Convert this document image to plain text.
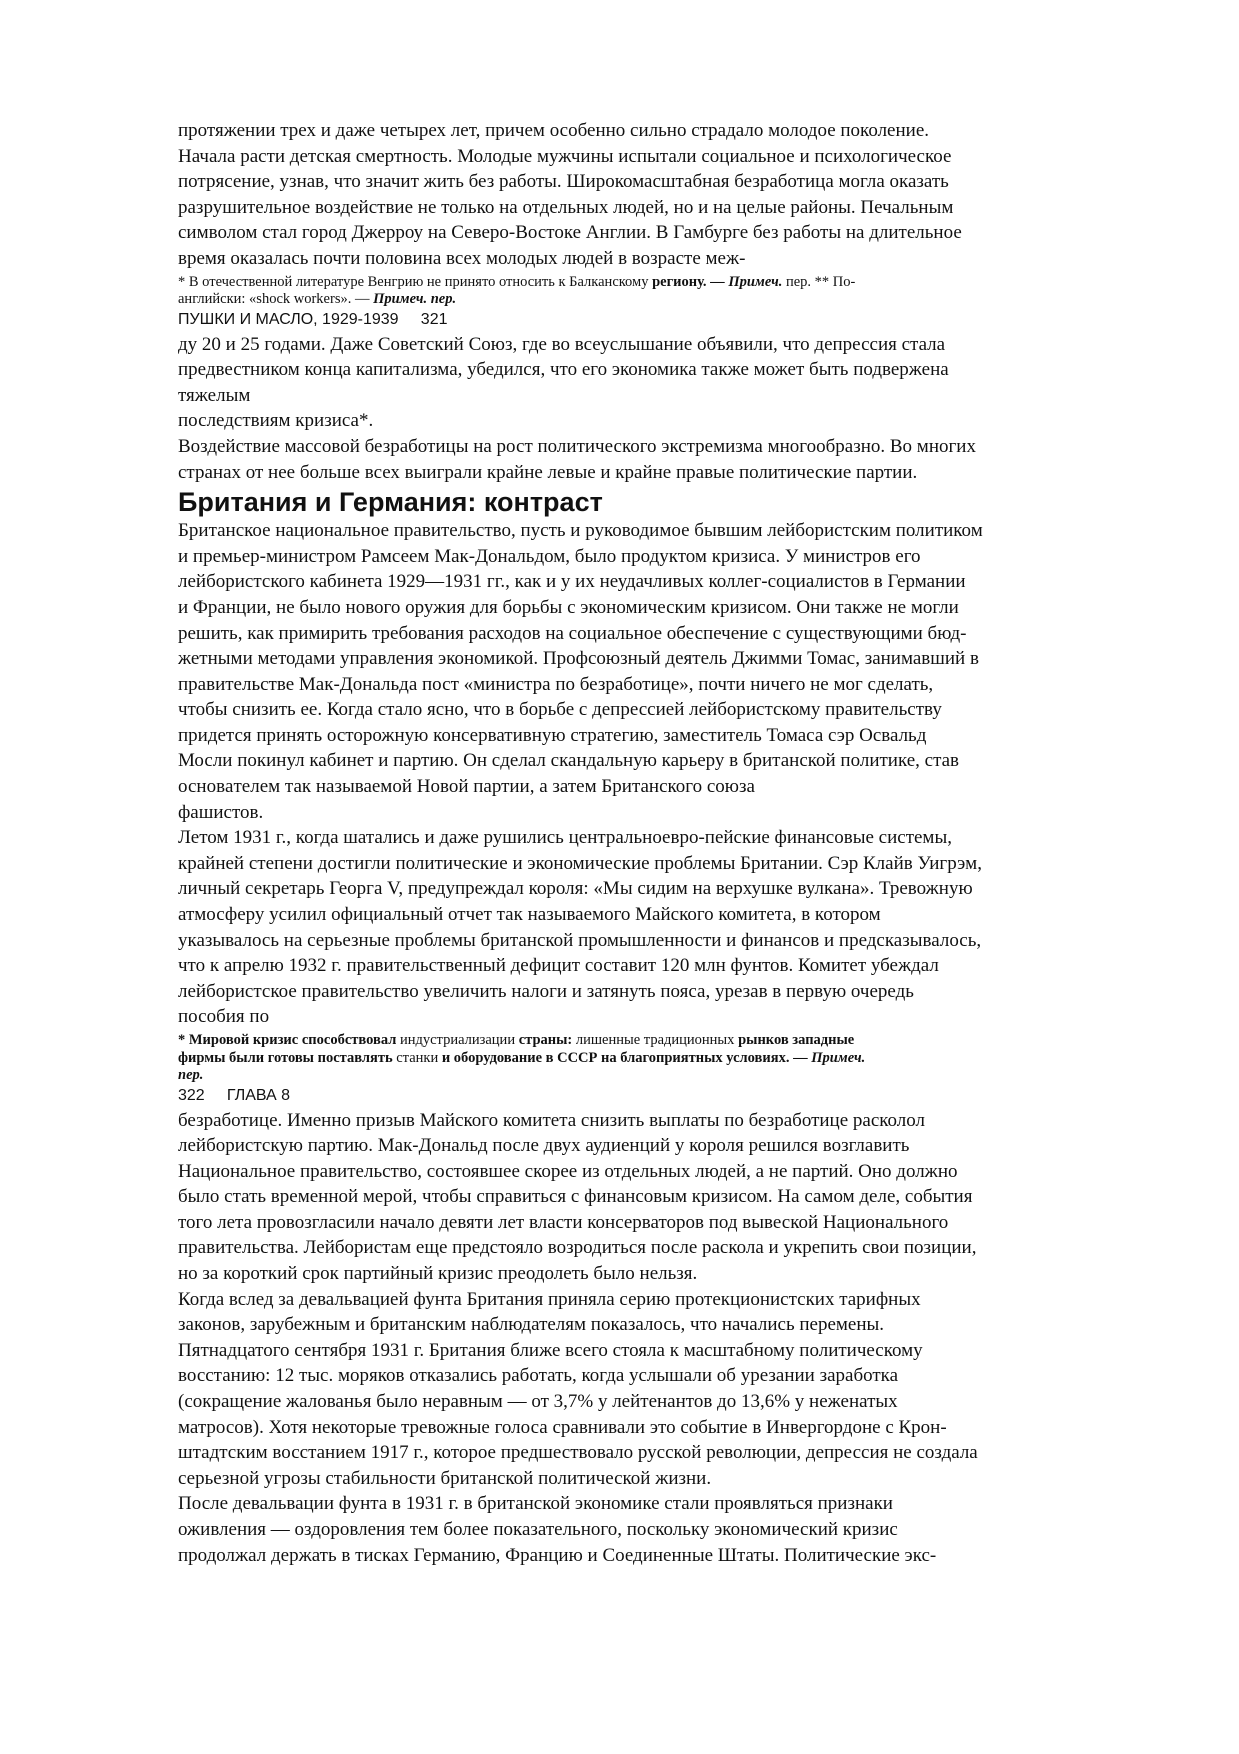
протяжении трех и даже четырех лет, причем особенно сильно страдало молодое поколение.
Начала расти детская смертность. Молодые мужчины испытали социальное и психологическое
потрясение, узнав, что значит жить без работы. Широкомасштабная безработица могла оказать
разрушительное воздействие не только на отдельных людей, но и на целые районы. Печальным
символом стал город Джерроу на Северо-Востоке Англии. В Гамбурге без работы на длительное
время оказалась почти половина всех молодых людей в возрасте меж-

* В отечественной литературе Венгрию не принято относить к Балканскому региону. — Примеч. пер. ** По-
английски: «shock workers». — Примеч. пер.
ПУШКИ И МАСЛО, 1929-1939     321

ду 20 и 25 годами. Даже Советский Союз, где во всеуслышание объявили, что депрессия стала
предвестником конца капитализма, убедился, что его экономика также может быть подвержена
тяжелым
последствиям кризиса*.

Воздействие массовой безработицы на рост политического экстремизма многообразно. Во многих
странах от нее больше всех выиграли крайне левые и крайне правые политические партии.

Британия и Германия: контраст

Британское национальное правительство, пусть и руководимое бывшим лейбористским политиком
и премьер-министром Рамсеем Мак-Дональдом, было продуктом кризиса. У министров его
лейбористского кабинета 1929—1931 гг., как и у их неудачливых коллег-социалистов в Германии
и Франции, не было нового оружия для борьбы с экономическим кризисом. Они также не могли
решить, как примирить требования расходов на социальное обеспечение с существующими бюд-
жетными методами управления экономикой. Профсоюзный деятель Джимми Томас, занимавший в
правительстве Мак-Дональда пост «министра по безработице», почти ничего не мог сделать,
чтобы снизить ее. Когда стало ясно, что в борьбе с депрессией лейбористскому правительству
придется принять осторожную консервативную стратегию, заместитель Томаса сэр Освальд
Мосли покинул кабинет и партию. Он сделал скандальную карьеру в британской политике, став
основaтелем так называемой Новой партии, а затем Британского союза
фашистов.

Летом 1931 г., когда шатались и даже рушились центральноевро-пейские финансовые системы,
крайней степени достигли политические и экономические проблемы Британии. Сэр Клайв Уигрэм,
личный секретарь Георга V, предупреждал короля: «Мы сидим на верхушке вулкана». Тревожную
атмосферу усилил официальный отчет так называемого Майского комитета, в котором
указывалось на серьезные проблемы британской промышленности и финансов и предсказывалось,
что к апрелю 1932 г. правительственный дефицит составит 120 млн фунтов. Комитет убеждал
лейбористское правительство увеличить налоги и затянуть пояса, урезав в первую очередь
пособия по

* Мировой кризис способствовал индустриализации страны: лишенные традиционных рынков западные
фирмы были готовы поставлять станки и оборудование в СССР на благоприятных условиях. — Примеч.
пер.
322     ГЛАВА 8

безработице. Именно призыв Майского комитета снизить выплаты по безработице расколол
лейбористскую партию. Мак-Дональд после двух аудиенций у короля решился возглавить
Национальное правительство, состоявшее скорее из отдельных людей, а не партий. Оно должно
было стать временной мерой, чтобы справиться с финансовым кризисом. На самом деле, события
того лета провозгласили начало девяти лет власти консерваторов под вывеской Национального
правительства. Лейбористам еще предстояло возродиться после раскола и укрепить свои позиции,
но за короткий срок партийный кризис преодолеть было нельзя.

Когда вслед за девальвацией фунта Британия приняла серию протекционистских тарифных
законов, зарубежным и британским наблюдателям показалось, что начались перемены.
Пятнадцатого сентября 1931 г. Британия ближе всего стояла к масштабному политическому
восстанию: 12 тыс. моряков отказались работать, когда услышали об урезании заработка
(сокращение жалованья было неравным — от 3,7% у лейтенантов до 13,6% у неженатых
матросов). Хотя некоторые тревожные голоса сравнивали это событие в Инвергордоне с Крон-
штадтским восстанием 1917 г., которое предшествовало русской революции, депрессия не создала
серьезной угрозы стабильности британской политической жизни.

После девальвации фунта в 1931 г. в британской экономике стали проявляться признаки
оживления — оздоровления тем более показательного, поскольку экономический кризис
продолжал держать в тисках Германию, Францию и Соединенные Штаты. Политические экс-
